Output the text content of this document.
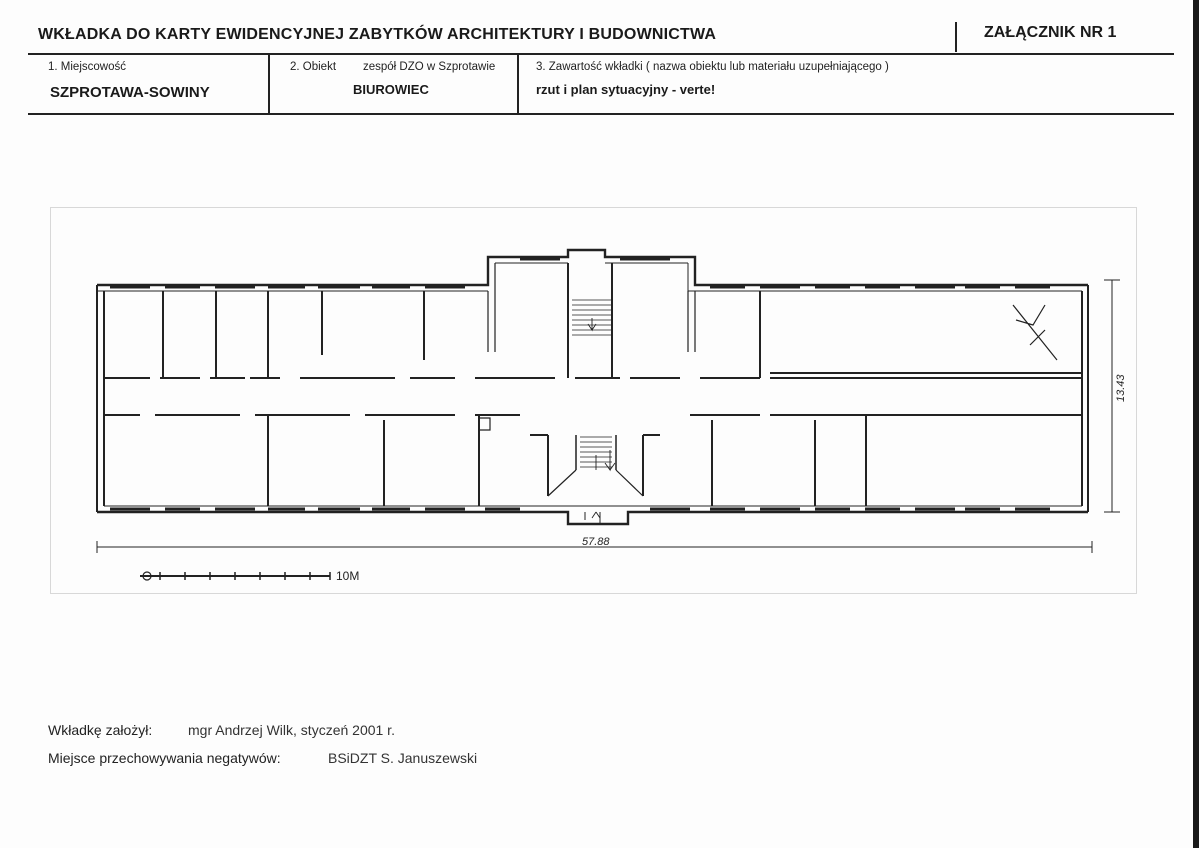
WKŁADKA DO KARTY EWIDENCYJNEJ ZABYTKÓW ARCHITEKTURY I BUDOWNICTWA	ZAŁĄCZNIK NR 1
1. Miejscowość
SZPROTAWA-SOWINY
2. Obiekt zespół DZO w Szprotawie
BIUROWIEC
3. Zawartość wkładki ( nazwa obiektu lub materiału uzupełniającego )
rzut i plan sytuacyjny - verte!
57.88
13.43
10M
Wkładkę założył:	mgr Andrzej Wilk, styczeń 2001 r.
Miejsce przechowywania negatywów:	BSiDZT S. Januszewski
